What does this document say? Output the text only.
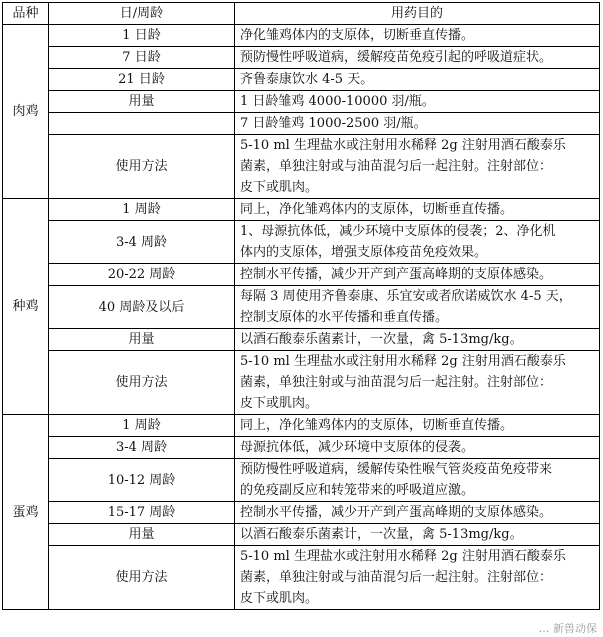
品种	日/周龄	用药目的
肉鸡	1 日龄	净化雏鸡体内的支原体，切断垂直传播。

	7 日龄	预防慢性呼吸道病，缓解疫苗免疫引起的呼吸道症状。

	21 日龄	齐鲁泰康饮水 4-5 天。

	用量	1 日龄雏鸡 4000-10000 羽/瓶。

		7 日龄雏鸡 1000-2500 羽/瓶。

	使用方法	5-10 ml 生理盐水或注射用水稀释 2g 注射用酒石酸泰乐
菌素，单独注射或与油苗混匀后一起注射。注射部位：
皮下或肌肉。

种鸡	1 周龄	同上，净化雏鸡体内的支原体，切断垂直传播。

	3-4 周龄	1、母源抗体低，减少环境中支原体的侵袭；2、净化机
体内的支原体，增强支原体疫苗免疫效果。

	20-22 周龄	控制水平传播，减少开产到产蛋高峰期的支原体感染。

	40 周龄及以后	每隔 3 周使用齐鲁泰康、乐宜安或者欣诺威饮水 4-5 天，
控制支原体的水平传播和垂直传播。

	用量	以酒石酸泰乐菌素计，一次量，禽 5-13mg/kg。

	使用方法	5-10 ml 生理盐水或注射用水稀释 2g 注射用酒石酸泰乐
菌素，单独注射或与油苗混匀后一起注射。注射部位：
皮下或肌肉。

蛋鸡	1 周龄	同上，净化雏鸡体内的支原体，切断垂直传播。

	3-4 周龄	母源抗体低，减少环境中支原体的侵袭。

	10-12 周龄	预防慢性呼吸道病，缓解传染性喉气管炎疫苗免疫带来
的免疫副反应和转笼带来的呼吸道应激。

	15-17 周龄	控制水平传播，减少开产到产蛋高峰期的支原体感染。

	用量	以酒石酸泰乐菌素计，一次量，禽 5-13mg/kg。

	使用方法	5-10 ml 生理盐水或注射用水稀释 2g 注射用酒石酸泰乐
菌素，单独注射或与油苗混匀后一起注射。注射部位：
皮下或肌肉。
… 新兽动保
